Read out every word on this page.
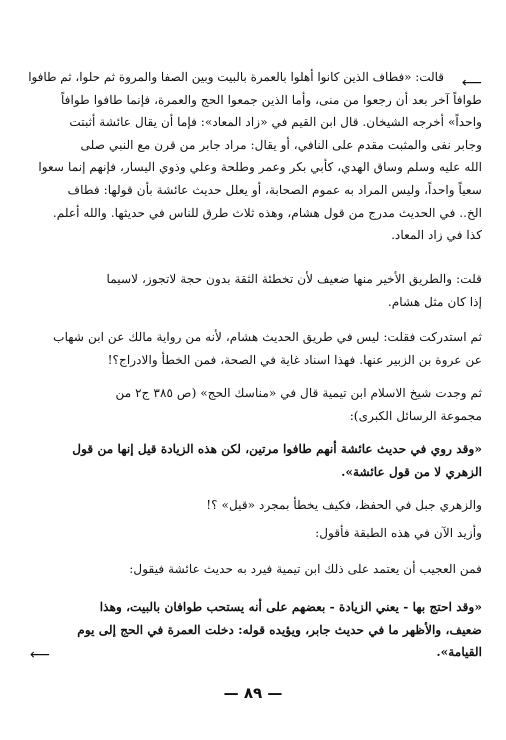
⟵
قالت: «فطاف الذين كانوا أهلوا بالعمرة بالبيت وبين الصفا والمروة ثم حلوا، ثم طافوا
طوافاً آخر بعد أن رجعوا من منى، وأما الذين جمعوا الحج والعمرة، فإنما طافوا طوافاً
واحداً» أخرجه الشيخان. قال ابن القيم في «زاد المعاد»: فإما أن يقال عائشة أثبتت
وجابر نفى والمثبت مقدم على النافي، أو يقال: مراد جابر من قرن مع النبي صلى
الله عليه وسلم وساق الهدي، كأبي بكر وعمر وطلحة وعلي وذوي اليسار، فإنهم إنما سعوا
سعياً واحداً، وليس المراد به عموم الصحابة، أو يعلل حديث عائشة بأن قولها: فطاف
الخ.. في الحديث مدرج من قول هشام، وهذه ثلاث طرق للناس في حديثها. والله أعلم.
كذا في زاد المعاد.
قلت: والطريق الأخير منها ضعيف لأن تخطئة الثقة بدون حجة لاتجوز، لاسيما
إذا كان مثل هشام.
ثم استدركت فقلت: ليس في طريق الحديث هشام، لأنه من رواية مالك عن ابن شهاب
عن عروة بن الزبير عنها. فهذا اسناد غاية في الصحة، فمن الخطأ والادراج؟!
ثم وجدت شيخ الاسلام ابن تيمية قال في «مناسك الحج» (ص ٣٨٥ ج٢ من
مجموعة الرسائل الكبرى):
«وقد روي في حديث عائشة أنهم طافوا مرتين، لكن هذه الزيادة قيل إنها من قول
الزهري لا من قول عائشة».
والزهري جبل في الحفظ، فكيف يخطأ بمجرد «قيل» ؟!
وأزيد الآن في هذه الطبقة فأقول:
فمن العجيب أن يعتمد على ذلك ابن تيمية فيرد به حديث عائشة فيقول:
«وقد احتج بها - يعني الزيادة - بعضهم على أنه يستحب طوافان بالبيت، وهذا
ضعيف، والأظهر ما في حديث جابر، ويؤيده قوله: دخلت العمرة في الحج إلى يوم
القيامة».
⟵
— ٨٩ —
